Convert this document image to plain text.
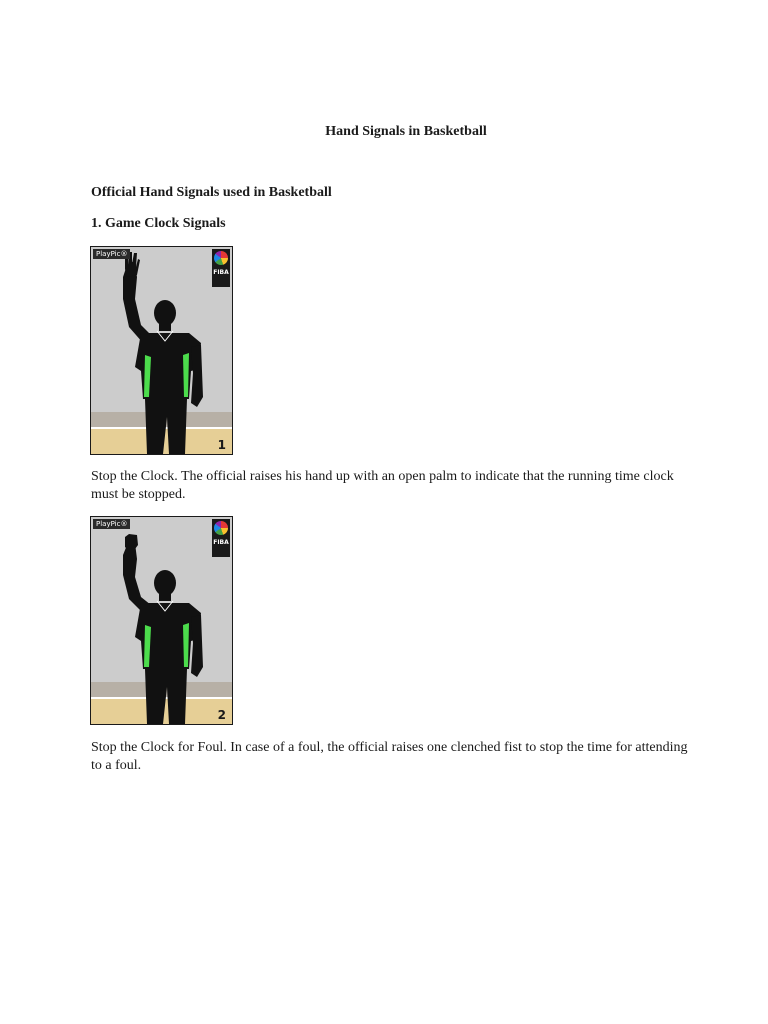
Hand Signals in Basketball
Official Hand Signals used in Basketball
1. Game Clock Signals
PlayPic®
FIBA
1
Stop the Clock. The official raises his hand up with an open palm to indicate that the running time clock must be stopped.
PlayPic®
FIBA
2
Stop the Clock for Foul. In case of a foul, the official raises one clenched fist to stop the time for attending to a foul.
